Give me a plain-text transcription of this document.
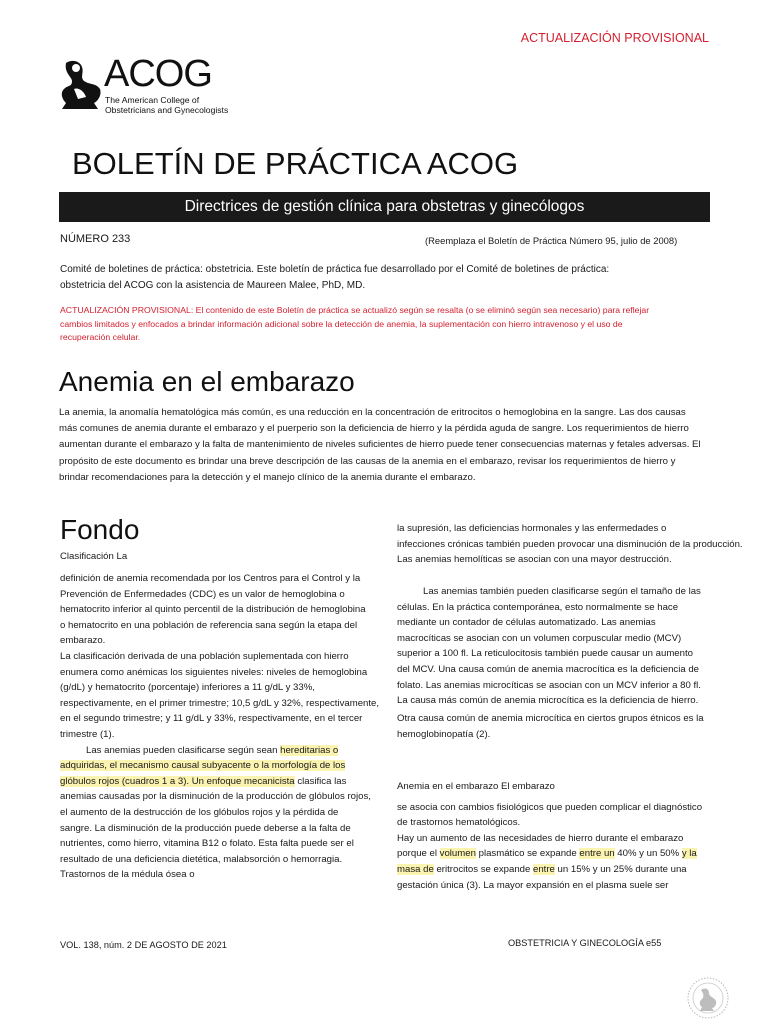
ACTUALIZACIÓN PROVISIONAL
ACOG
The American College of
Obstetricians and Gynecologists
BOLETÍN DE PRÁCTICA ACOG
Directrices de gestión clínica para obstetras y ginecólogos
NÚMERO 233	(Reemplaza el Boletín de Práctica Número 95, julio de 2008)
Comité de boletines de práctica: obstetricia. Este boletín de práctica fue desarrollado por el Comité de boletines de práctica:
obstetricia del ACOG con la asistencia de Maureen Malee, PhD, MD.
ACTUALIZACIÓN PROVISIONAL: El contenido de este Boletín de práctica se actualizó según se resalta (o se eliminó según sea necesario) para reflejar
cambios limitados y enfocados a brindar información adicional sobre la detección de anemia, la suplementación con hierro intravenoso y el uso de
recuperación celular.
Anemia en el embarazo
La anemia, la anomalía hematológica más común, es una reducción en la concentración de eritrocitos o hemoglobina en la sangre. Las dos causas
más comunes de anemia durante el embarazo y el puerperio son la deficiencia de hierro y la pérdida aguda de sangre. Los requerimientos de hierro
aumentan durante el embarazo y la falta de mantenimiento de niveles suficientes de hierro puede tener consecuencias maternas y fetales adversas. El
propósito de este documento es brindar una breve descripción de las causas de la anemia en el embarazo, revisar los requerimientos de hierro y
brindar recomendaciones para la detección y el manejo clínico de la anemia durante el embarazo.
Fondo
Clasificación La

definición de anemia recomendada por los Centros para el Control y la

Prevención de Enfermedades (CDC) es un valor de hemoglobina o

hematocrito inferior al quinto percentil de la distribución de hemoglobina

o hematocrito en una población de referencia sana según la etapa del

embarazo.

La clasificación derivada de una población suplementada con hierro

enumera como anémicas los siguientes niveles: niveles de hemoglobina

(g/dL) y hematocrito (porcentaje) inferiores a 11 g/dL y 33%,

respectivamente, en el primer trimestre; 10,5 g/dL y 32%, respectivamente,

en el segundo trimestre; y 11 g/dL y 33%, respectivamente, en el tercer

trimestre (1).

Las anemias pueden clasificarse según sean hereditarias o

adquiridas, el mecanismo causal subyacente o la morfología de los

glóbulos rojos (cuadros 1 a 3). Un enfoque mecanicista clasifica las

anemias causadas por la disminución de la producción de glóbulos rojos,

el aumento de la destrucción de los glóbulos rojos y la pérdida de

sangre. La disminución de la producción puede deberse a la falta de

nutrientes, como hierro, vitamina B12 o folato. Esta falta puede ser el

resultado de una deficiencia dietética, malabsorción o hemorragia.

Trastornos de la médula ósea o

la supresión, las deficiencias hormonales y las enfermedades o

infecciones crónicas también pueden provocar una disminución de la producción.

Las anemias hemolíticas se asocian con una mayor destrucción.

Las anemias también pueden clasificarse según el tamaño de las

células. En la práctica contemporánea, esto normalmente se hace

mediante un contador de células automatizado. Las anemias

macrocíticas se asocian con un volumen corpuscular medio (MCV)

superior a 100 fl. La reticulocitosis también puede causar un aumento

del MCV. Una causa común de anemia macrocítica es la deficiencia de

folato. Las anemias microcíticas se asocian con un MCV inferior a 80 fl.

La causa más común de anemia microcítica es la deficiencia de hierro.

Otra causa común de anemia microcítica en ciertos grupos étnicos es la

hemoglobinopatía (2).

Anemia en el embarazo El embarazo

se asocia con cambios fisiológicos que pueden complicar el diagnóstico

de trastornos hematológicos.

Hay un aumento de las necesidades de hierro durante el embarazo

porque el volumen plasmático se expande entre un 40% y un 50% y la

masa de eritrocitos se expande entre un 15% y un 25% durante una

gestación única (3). La mayor expansión en el plasma suele ser

VOL. 138, núm. 2 DE AGOSTO DE 2021	OBSTETRICIA Y GINECOLOGÍA e55
